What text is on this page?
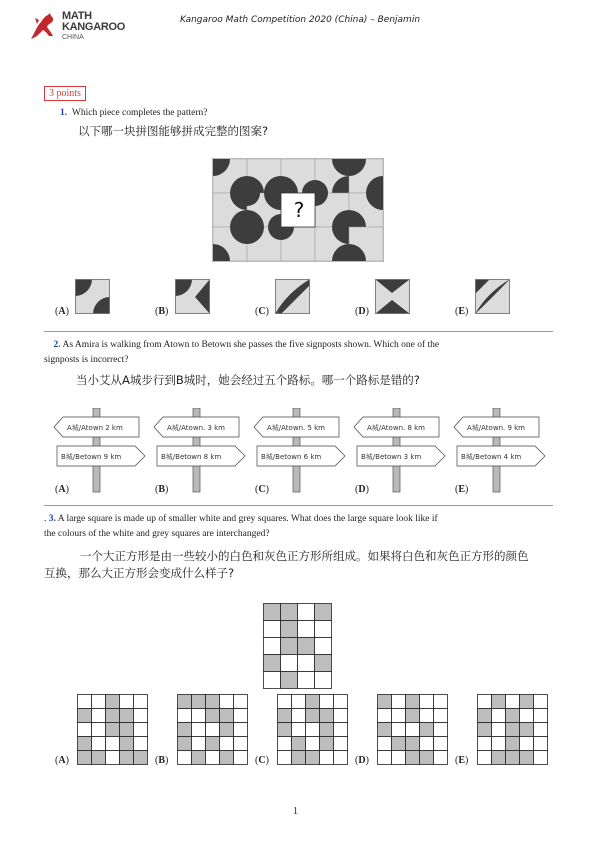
MATH
KANGAROO
CHINA
Kangaroo Math Competition 2020 (China) – Benjamin
3 points
1. Which piece completes the pattern?
以下哪一块拼图能够拼成完整的图案?
?
(A)	(B)	(C)	(D)	(E)
2. As Amira is walking from Atown to Betown she passes the five signposts shown. Which one of the
signposts is incorrect?
当小艾从A城步行到B城时，她会经过五个路标。哪一个路标是错的?
A城/Atown 2 km
B城/Betown 9 km
(A)
A城/Atown. 3 km
B城/Betown 8 km
(B)
A城/Atown. 5 km
B城/Betown 6 km
(C)
A城/Atown. 8 km
B城/Betown 3 km
(D)
A城/Atown. 9 km
B城/Betown 4 km
(E)
. 3. A large square is made up of smaller white and grey squares. What does the large square look like if
the colours of the white and grey squares are interchanged?
一个大正方形是由一些较小的白色和灰色正方形所组成。如果将白色和灰色正方形的颜色
互换，那么大正方形会变成什么样子?
(A)	(B)	(C)	(D)	(E)
1
